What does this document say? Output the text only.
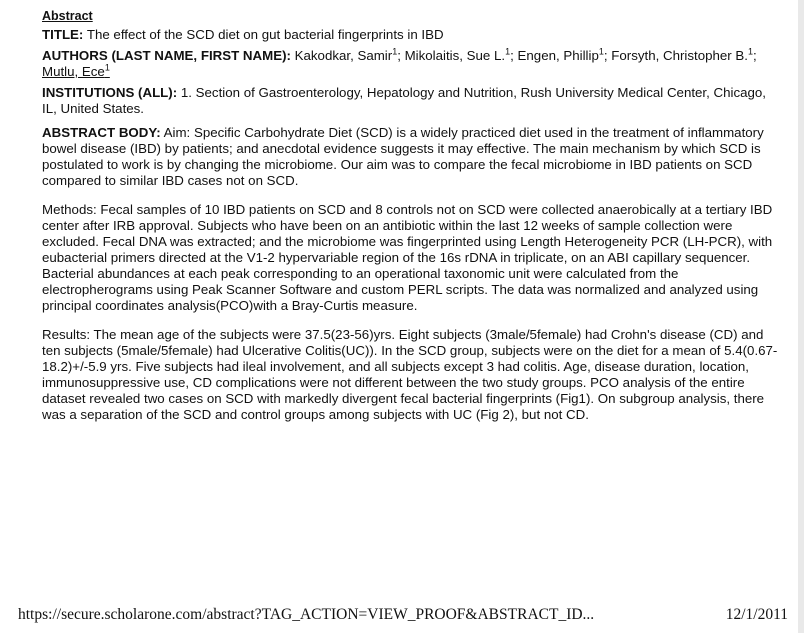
Abstract
TITLE: The effect of the SCD diet on gut bacterial fingerprints in IBD
AUTHORS (LAST NAME, FIRST NAME): Kakodkar, Samir$^1$; Mikolaitis, Sue L.$^1$; Engen, Phillip$^1$; Forsyth, Christopher B.$^1$; Mutlu, Ece$^1$
INSTITUTIONS (ALL): 1. Section of Gastroenterology, Hepatology and Nutrition, Rush University Medical Center, Chicago, IL, United States.

ABSTRACT BODY: Aim: Specific Carbohydrate Diet (SCD) is a widely practiced diet used in the treatment of inflammatory bowel disease (IBD) by patients; and anecdotal evidence suggests it may effective. The main mechanism by which SCD is postulated to work is by changing the microbiome. Our aim was to compare the fecal microbiome in IBD patients on SCD compared to similar IBD cases not on SCD.

Methods: Fecal samples of 10 IBD patients on SCD and 8 controls not on SCD were collected anaerobically at a tertiary IBD center after IRB approval. Subjects who have been on an antibiotic within the last 12 weeks of sample collection were excluded. Fecal DNA was extracted; and the microbiome was fingerprinted using Length Heterogeneity PCR (LH-PCR), with eubacterial primers directed at the V1-2 hypervariable region of the 16s rDNA in triplicate, on an ABI capillary sequencer. Bacterial abundances at each peak corresponding to an operational taxonomic unit were calculated from the electropherograms using Peak Scanner Software and custom PERL scripts. The data was normalized and analyzed using principal coordinates analysis(PCO)with a Bray-Curtis measure.

Results: The mean age of the subjects were 37.5(23-56)yrs. Eight subjects (3male/5female) had Crohn's disease (CD) and ten subjects (5male/5female) had Ulcerative Colitis(UC)). In the SCD group, subjects were on the diet for a mean of 5.4(0.67-18.2)+/-5.9 yrs. Five subjects had ileal involvement, and all subjects except 3 had colitis. Age, disease duration, location, immunosuppressive use, CD complications were not different between the two study groups. PCO analysis of the entire dataset revealed two cases on SCD with markedly divergent fecal bacterial fingerprints (Fig1). On subgroup analysis, there was a separation of the SCD and control groups among subjects with UC (Fig 2), but not CD.

https://secure.scholarone.com/abstract?TAG_ACTION=VIEW_PROOF&ABSTRACT_ID...	12/1/2011
